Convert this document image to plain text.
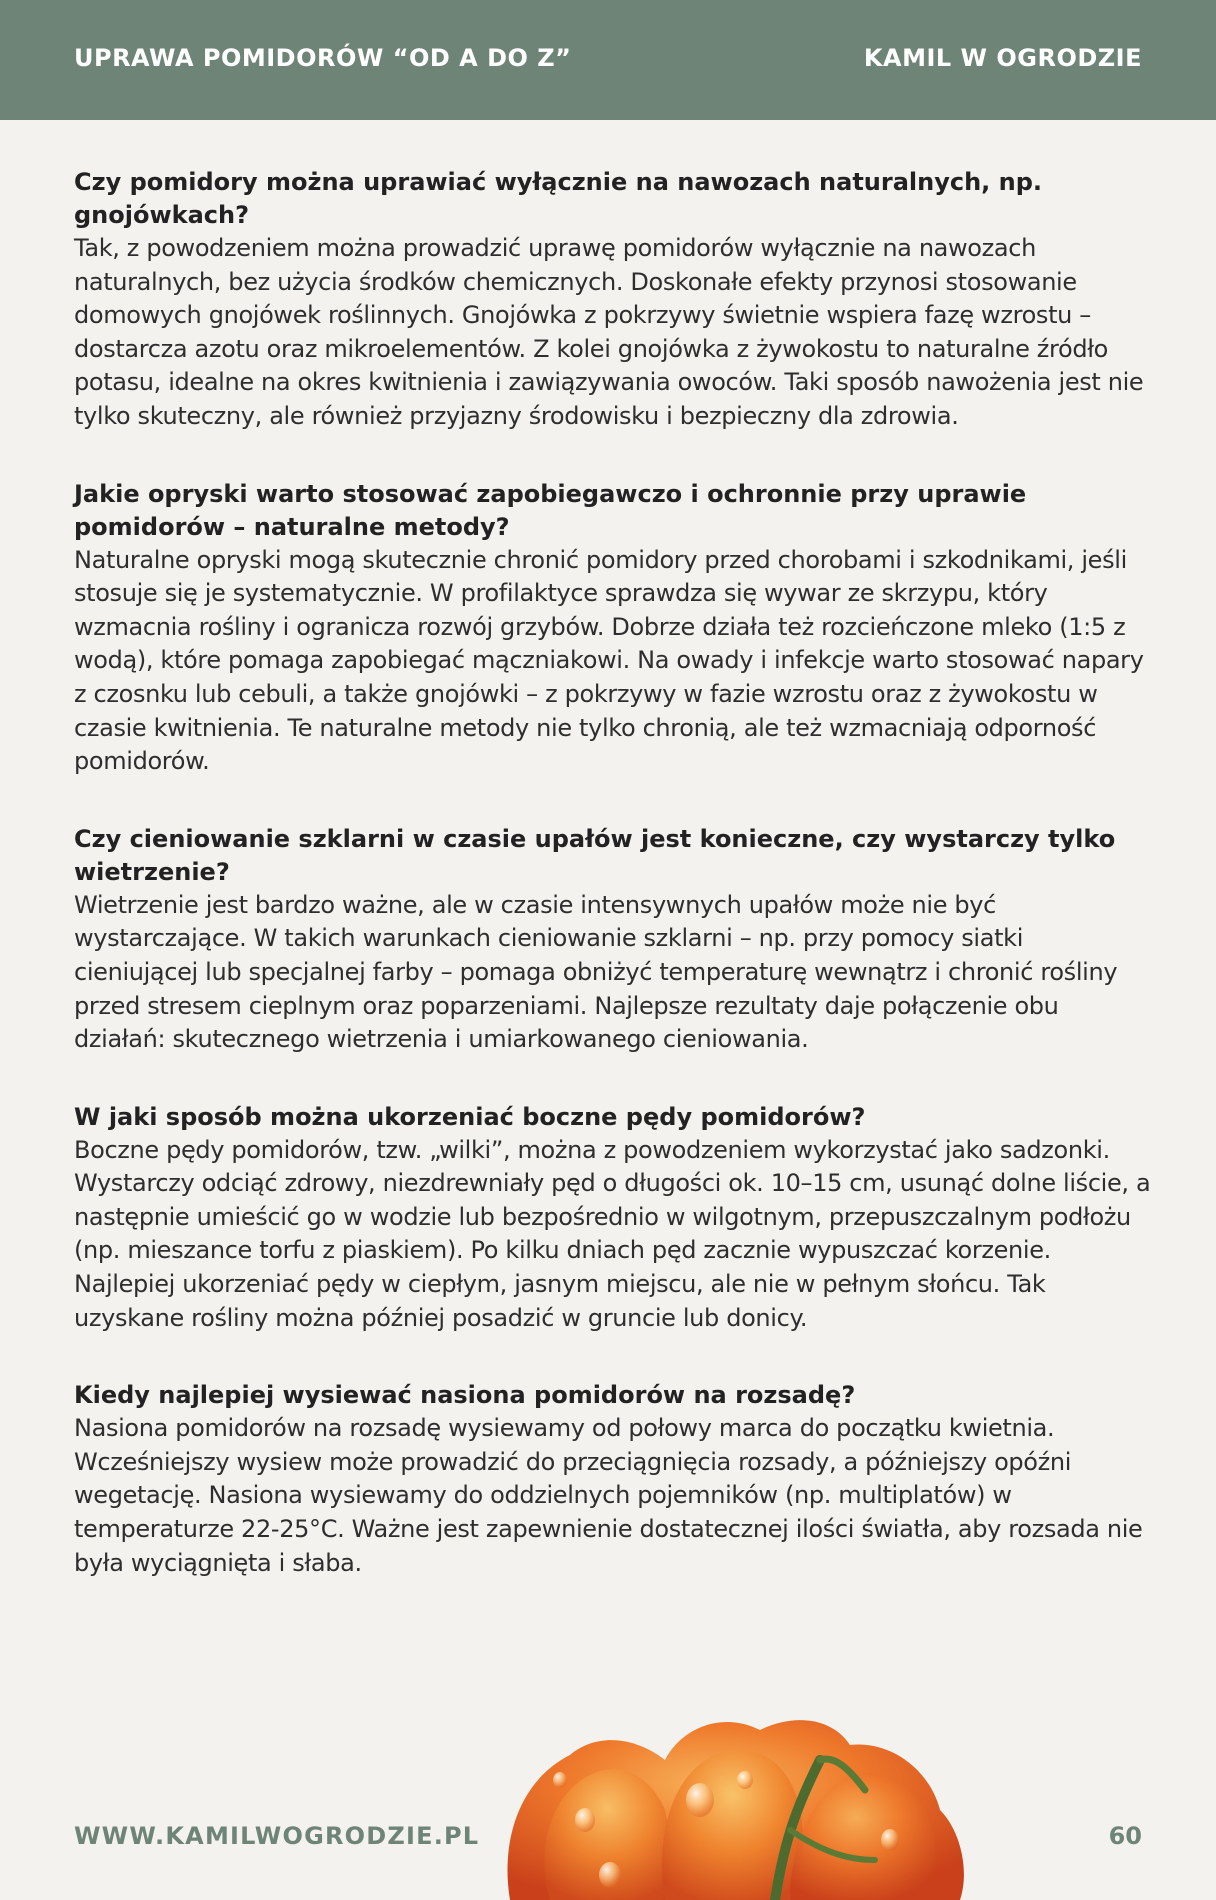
UPRAWA POMIDORÓW “OD A DO Z”	KAMIL W OGRODZIE

Czy pomidory można uprawiać wyłącznie na nawozach naturalnych, np. gnojówkach?

Tak, z powodzeniem można prowadzić uprawę pomidorów wyłącznie na nawozach naturalnych, bez użycia środków chemicznych. Doskonałe efekty przynosi stosowanie domowych gnojówek roślinnych. Gnojówka z pokrzywy świetnie wspiera fazę wzrostu – dostarcza azotu oraz mikroelementów. Z kolei gnojówka z żywokostu to naturalne źródło potasu, idealne na okres kwitnienia i zawiązywania owoców. Taki sposób nawożenia jest nie tylko skuteczny, ale również przyjazny środowisku i bezpieczny dla zdrowia.

Jakie opryski warto stosować zapobiegawczo i ochronnie przy uprawie pomidorów – naturalne metody?

Naturalne opryski mogą skutecznie chronić pomidory przed chorobami i szkodnikami, jeśli stosuje się je systematycznie. W profilaktyce sprawdza się wywar ze skrzypu, który wzmacnia rośliny i ogranicza rozwój grzybów. Dobrze działa też rozcieńczone mleko (1:5 z wodą), które pomaga zapobiegać mączniakowi. Na owady i infekcje warto stosować napary z czosnku lub cebuli, a także gnojówki – z pokrzywy w fazie wzrostu oraz z żywokostu w czasie kwitnienia. Te naturalne metody nie tylko chronią, ale też wzmacniają odporność pomidorów.

Czy cieniowanie szklarni w czasie upałów jest konieczne, czy wystarczy tylko wietrzenie?

Wietrzenie jest bardzo ważne, ale w czasie intensywnych upałów może nie być wystarczające. W takich warunkach cieniowanie szklarni – np. przy pomocy siatki cieniującej lub specjalnej farby – pomaga obniżyć temperaturę wewnątrz i chronić rośliny przed stresem cieplnym oraz poparzeniami. Najlepsze rezultaty daje połączenie obu działań: skutecznego wietrzenia i umiarkowanego cieniowania.

W jaki sposób można ukorzeniać boczne pędy pomidorów?

Boczne pędy pomidorów, tzw. „wilki”, można z powodzeniem wykorzystać jako sadzonki. Wystarczy odciąć zdrowy, niezdrewniały pęd o długości ok. 10–15 cm, usunąć dolne liście, a następnie umieścić go w wodzie lub bezpośrednio w wilgotnym, przepuszczalnym podłożu (np. mieszance torfu z piaskiem). Po kilku dniach pęd zacznie wypuszczać korzenie. Najlepiej ukorzeniać pędy w ciepłym, jasnym miejscu, ale nie w pełnym słońcu. Tak uzyskane rośliny można później posadzić w gruncie lub donicy.

Kiedy najlepiej wysiewać nasiona pomidorów na rozsadę?

Nasiona pomidorów na rozsadę wysiewamy od połowy marca do początku kwietnia. Wcześniejszy wysiew może prowadzić do przeciągnięcia rozsady, a późniejszy opóźni wegetację. Nasiona wysiewamy do oddzielnych pojemników (np. multiplatów) w temperaturze 22-25°C. Ważne jest zapewnienie dostatecznej ilości światła, aby rozsada nie była wyciągnięta i słaba.

WWW.KAMILWOGRODZIE.PL	60
